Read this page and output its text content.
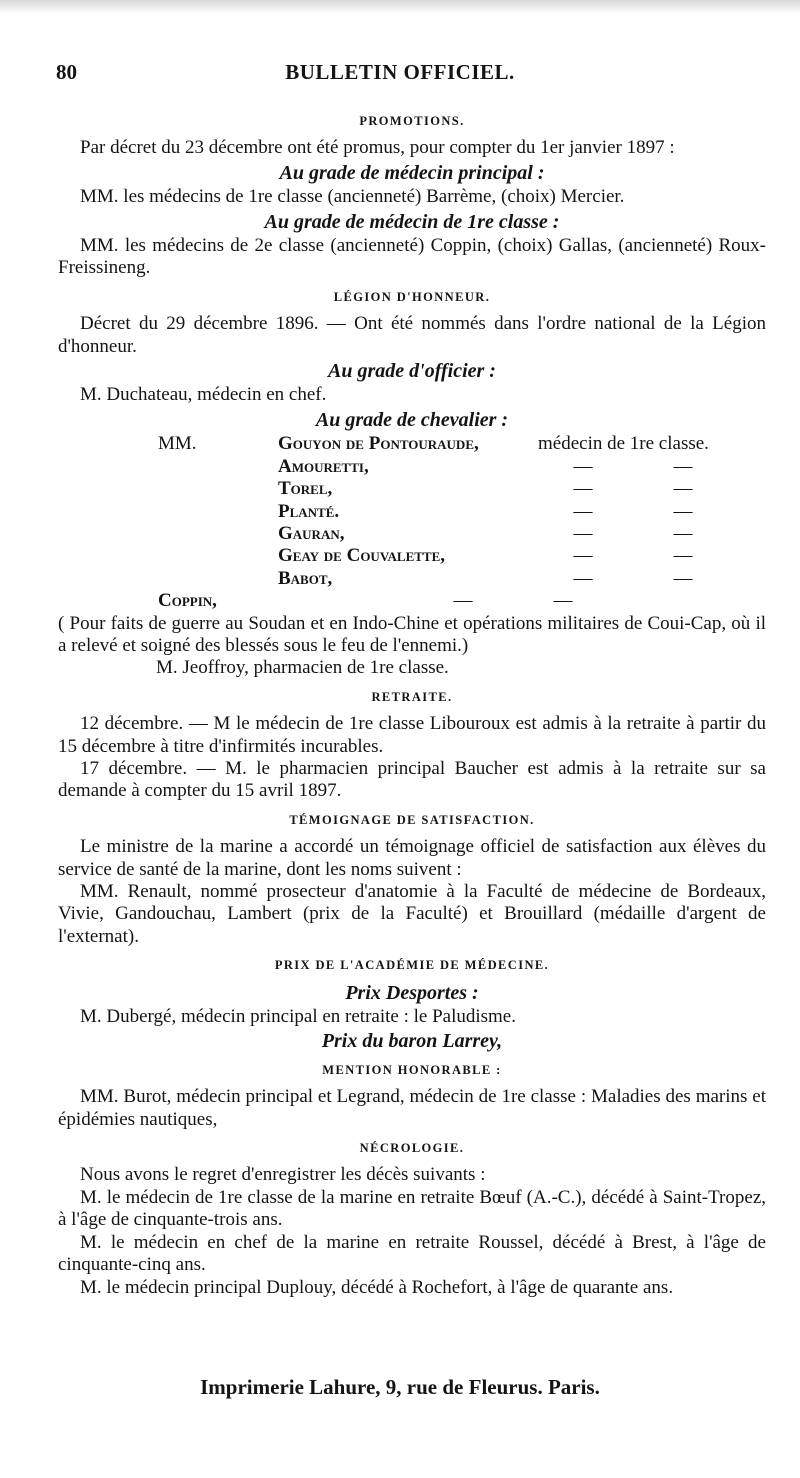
80	BULLETIN OFFICIEL.
PROMOTIONS.

Par décret du 23 décembre ont été promus, pour compter du 1er janvier 1897 :

Au grade de médecin principal :

MM. les médecins de 1re classe (ancienneté) Barrème, (choix) Mercier.

Au grade de médecin de 1re classe :

MM. les médecins de 2e classe (ancienneté) Coppin, (choix) Gallas, (ancienneté) Roux-Freissineng.

LÉGION D'HONNEUR.

Décret du 29 décembre 1896. — Ont été nommés dans l'ordre national de la Légion d'honneur.

Au grade d'officier :

M. Duchateau, médecin en chef.

Au grade de chevalier :
MM.	Gouyon de Pontouraude,	médecin de 1re classe.
Amouretti,	—	—
Torel,	—	—
Planté.	—	—
Gauran,	—	—
Geay de Couvalette,	—	—
Babot,	—	—

Coppin,	—	—

( Pour faits de guerre au Soudan et en Indo-Chine et opérations militaires de Coui-Cap, où il a relevé et soigné des blessés sous le feu de l'ennemi.)

M. Jeoffroy, pharmacien de 1re classe.

RETRAITE.

12 décembre. — M le médecin de 1re classe Libouroux est admis à la retraite à partir du 15 décembre à titre d'infirmités incurables.

17 décembre. — M. le pharmacien principal Baucher est admis à la retraite sur sa demande à compter du 15 avril 1897.

TÉMOIGNAGE DE SATISFACTION.

Le ministre de la marine a accordé un témoignage officiel de satisfaction aux élèves du service de santé de la marine, dont les noms suivent :

MM. Renault, nommé prosecteur d'anatomie à la Faculté de médecine de Bordeaux, Vivie, Gandouchau, Lambert (prix de la Faculté) et Brouillard (médaille d'argent de l'externat).

PRIX DE L'ACADÉMIE DE MÉDECINE.
Prix Desportes :

M. Dubergé, médecin principal en retraite : le Paludisme.

Prix du baron Larrey,
MENTION HONORABLE :

MM. Burot, médecin principal et Legrand, médecin de 1re classe : Maladies des marins et épidémies nautiques,

NÉCROLOGIE.

Nous avons le regret d'enregistrer les décès suivants :

M. le médecin de 1re classe de la marine en retraite Bœuf (A.-C.), décédé à Saint-Tropez, à l'âge de cinquante-trois ans.

M. le médecin en chef de la marine en retraite Roussel, décédé à Brest, à l'âge de cinquante-cinq ans.

M. le médecin principal Duplouy, décédé à Rochefort, à l'âge de quarante ans.

Imprimerie Lahure, 9, rue de Fleurus. Paris.
